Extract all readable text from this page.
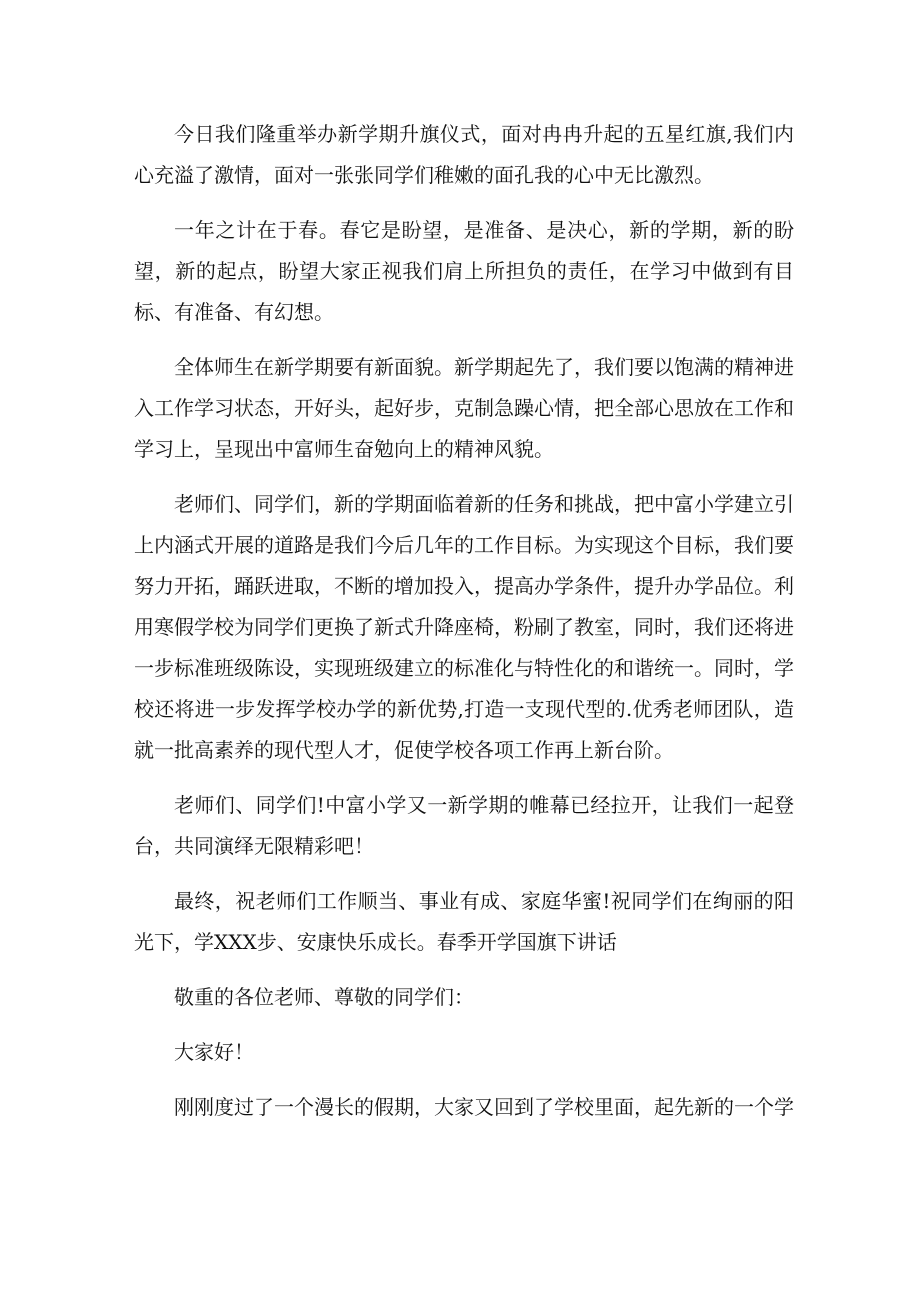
今日我们隆重举办新学期升旗仪式，面对冉冉升起的五星红旗,我们内心充溢了激情，面对一张张同学们稚嫩的面孔我的心中无比激烈。

一年之计在于春。春它是盼望，是准备、是决心，新的学期，新的盼望，新的起点，盼望大家正视我们肩上所担负的责任，在学习中做到有目标、有准备、有幻想。

全体师生在新学期要有新面貌。新学期起先了，我们要以饱满的精神进入工作学习状态，开好头，起好步，克制急躁心情，把全部心思放在工作和学习上，呈现出中富师生奋勉向上的精神风貌。

老师们、同学们，新的学期面临着新的任务和挑战，把中富小学建立引上内涵式开展的道路是我们今后几年的工作目标。为实现这个目标，我们要努力开拓，踊跃进取，不断的增加投入，提高办学条件，提升办学品位。利用寒假学校为同学们更换了新式升降座椅，粉刷了教室，同时，我们还将进一步标准班级陈设，实现班级建立的标准化与特性化的和谐统一。同时，学校还将进一步发挥学校办学的新优势,打造一支现代型的.优秀老师团队，造就一批高素养的现代型人才，促使学校各项工作再上新台阶。

老师们、同学们!中富小学又一新学期的帷幕已经拉开，让我们一起登台，共同演绎无限精彩吧！

最终，祝老师们工作顺当、事业有成、家庭华蜜!祝同学们在绚丽的阳光下，学XXX步、安康快乐成长。春季开学国旗下讲话

敬重的各位老师、尊敬的同学们：

大家好！

刚刚度过了一个漫长的假期，大家又回到了学校里面，起先新的一个学
